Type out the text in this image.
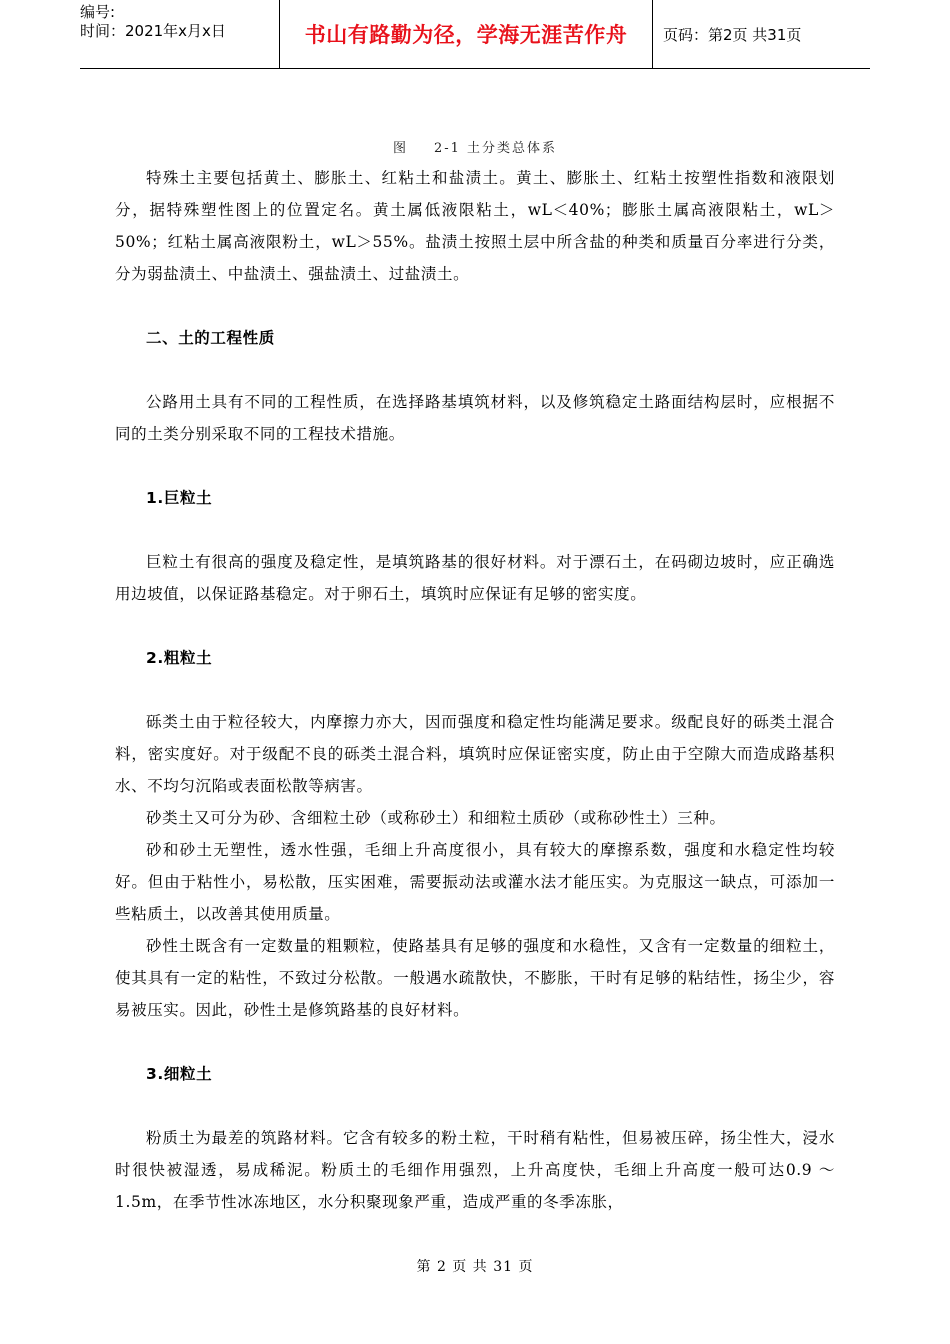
编号:
时间：2021年x月x日	书山有路勤为径，学海无涯苦作舟	页码：第2页 共31页
图 2-1 土分类总体系

特殊土主要包括黄土、膨胀土、红粘土和盐渍土。黄土、膨胀土、红粘土按塑性指数和液限划分，据特殊塑性图上的位置定名。黄土属低液限粘土，wL＜40%；膨胀土属高液限粘土，wL＞50%；红粘土属高液限粉土，wL＞55%。盐渍土按照土层中所含盐的种类和质量百分率进行分类，分为弱盐渍土、中盐渍土、强盐渍土、过盐渍土。

二、土的工程性质

公路用土具有不同的工程性质，在选择路基填筑材料，以及修筑稳定土路面结构层时，应根据不同的土类分别采取不同的工程技术措施。

1.巨粒土

巨粒土有很高的强度及稳定性，是填筑路基的很好材料。对于漂石土，在码砌边坡时，应正确选用边坡值，以保证路基稳定。对于卵石土，填筑时应保证有足够的密实度。

2.粗粒土

砾类土由于粒径较大，内摩擦力亦大，因而强度和稳定性均能满足要求。级配良好的砾类土混合料，密实度好。对于级配不良的砾类土混合料，填筑时应保证密实度，防止由于空隙大而造成路基积水、不均匀沉陷或表面松散等病害。

砂类土又可分为砂、含细粒土砂（或称砂土）和细粒土质砂（或称砂性土）三种。

砂和砂土无塑性，透水性强，毛细上升高度很小，具有较大的摩擦系数，强度和水稳定性均较好。但由于粘性小，易松散，压实困难，需要振动法或灌水法才能压实。为克服这一缺点，可添加一些粘质土，以改善其使用质量。

砂性土既含有一定数量的粗颗粒，使路基具有足够的强度和水稳性，又含有一定数量的细粒土，使其具有一定的粘性，不致过分松散。一般遇水疏散快，不膨胀，干时有足够的粘结性，扬尘少，容易被压实。因此，砂性土是修筑路基的良好材料。

3.细粒土

粉质土为最差的筑路材料。它含有较多的粉土粒，干时稍有粘性，但易被压碎，扬尘性大，浸水时很快被湿透，易成稀泥。粉质土的毛细作用强烈，上升高度快，毛细上升高度一般可达0.9 ～1.5m，在季节性冰冻地区，水分积聚现象严重，造成严重的冬季冻胀，

第 2 页 共 31 页
